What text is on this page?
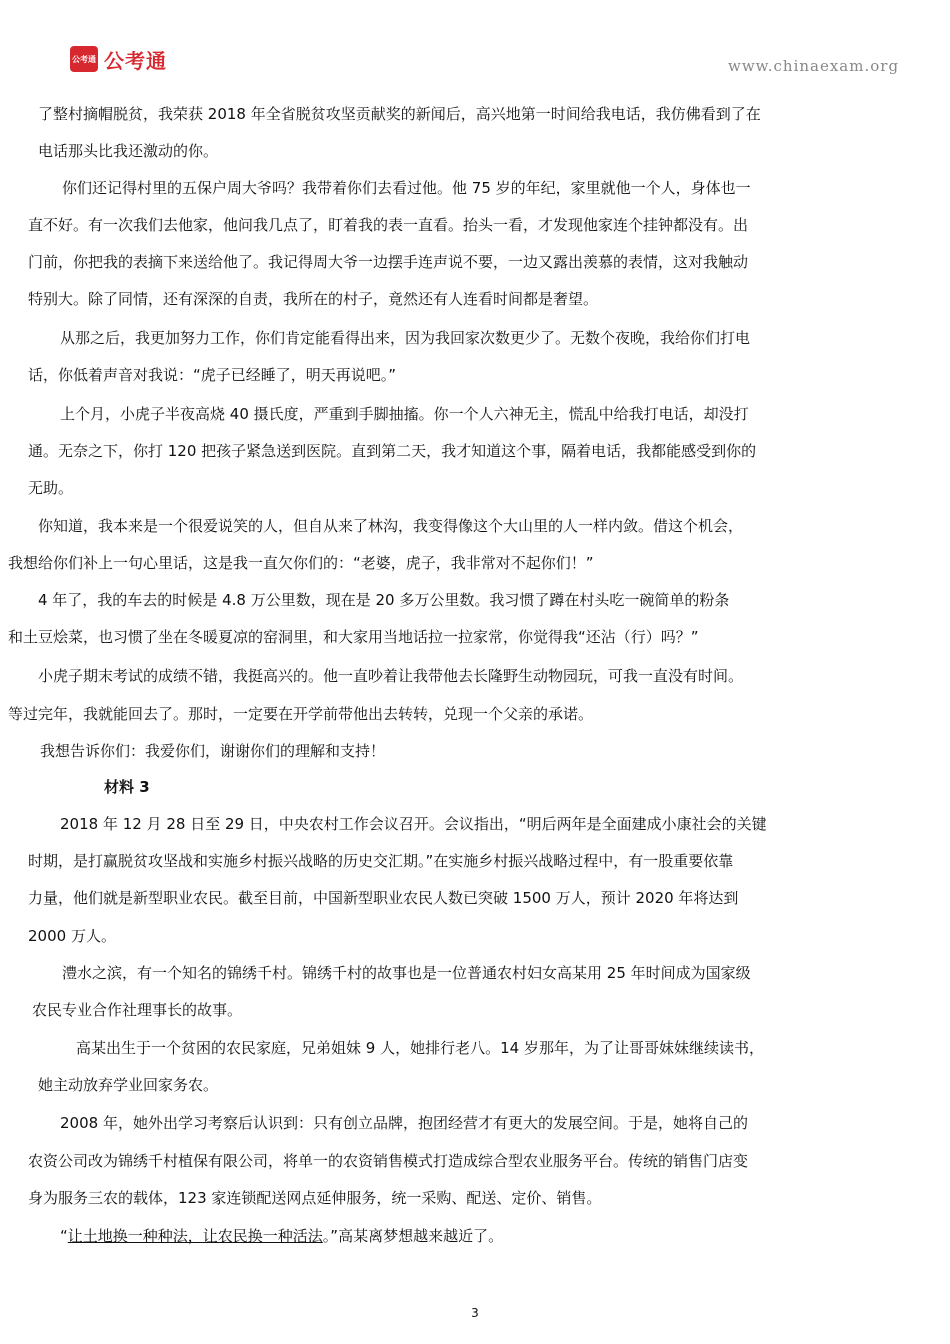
公考通 公考通	www.chinaexam.org
了整村摘帽脱贫，我荣获 2018 年全省脱贫攻坚贡献奖的新闻后，高兴地第一时间给我电话，我仿佛看到了在
电话那头比我还激动的你。
你们还记得村里的五保户周大爷吗？我带着你们去看过他。他 75 岁的年纪，家里就他一个人，身体也一
直不好。有一次我们去他家，他问我几点了，盯着我的表一直看。抬头一看，才发现他家连个挂钟都没有。出
门前，你把我的表摘下来送给他了。我记得周大爷一边摆手连声说不要，一边又露出羡慕的表情，这对我触动
特别大。除了同情，还有深深的自责，我所在的村子，竟然还有人连看时间都是奢望。
从那之后，我更加努力工作，你们肯定能看得出来，因为我回家次数更少了。无数个夜晚，我给你们打电
话，你低着声音对我说：“虎子已经睡了，明天再说吧。”
上个月，小虎子半夜高烧 40 摄氏度，严重到手脚抽搐。你一个人六神无主，慌乱中给我打电话，却没打
通。无奈之下，你打 120 把孩子紧急送到医院。直到第二天，我才知道这个事，隔着电话，我都能感受到你的
无助。
你知道，我本来是一个很爱说笑的人，但自从来了林沟，我变得像这个大山里的人一样内敛。借这个机会，
我想给你们补上一句心里话，这是我一直欠你们的：“老婆，虎子，我非常对不起你们！”
4 年了，我的车去的时候是 4.8 万公里数，现在是 20 多万公里数。我习惯了蹲在村头吃一碗简单的粉条
和土豆烩菜，也习惯了坐在冬暖夏凉的窑洞里，和大家用当地话拉一拉家常，你觉得我“还沾（行）吗？”
小虎子期末考试的成绩不错，我挺高兴的。他一直吵着让我带他去长隆野生动物园玩，可我一直没有时间。
等过完年，我就能回去了。那时，一定要在开学前带他出去转转，兑现一个父亲的承诺。
我想告诉你们：我爱你们，谢谢你们的理解和支持！
材料 3
2018 年 12 月 28 日至 29 日，中央农村工作会议召开。会议指出，“明后两年是全面建成小康社会的关键
时期，是打赢脱贫攻坚战和实施乡村振兴战略的历史交汇期。”在实施乡村振兴战略过程中，有一股重要依靠
力量，他们就是新型职业农民。截至目前，中国新型职业农民人数已突破 1500 万人，预计 2020 年将达到
2000 万人。
澧水之滨，有一个知名的锦绣千村。锦绣千村的故事也是一位普通农村妇女高某用 25 年时间成为国家级
农民专业合作社理事长的故事。
高某出生于一个贫困的农民家庭，兄弟姐妹 9 人，她排行老八。14 岁那年，为了让哥哥妹妹继续读书，
她主动放弃学业回家务农。
2008 年，她外出学习考察后认识到：只有创立品牌，抱团经营才有更大的发展空间。于是，她将自己的
农资公司改为锦绣千村植保有限公司，将单一的农资销售模式打造成综合型农业服务平台。传统的销售门店变
身为服务三农的载体，123 家连锁配送网点延伸服务，统一采购、配送、定价、销售。
“让土地换一种种法，让农民换一种活法。”高某离梦想越来越近了。
3
